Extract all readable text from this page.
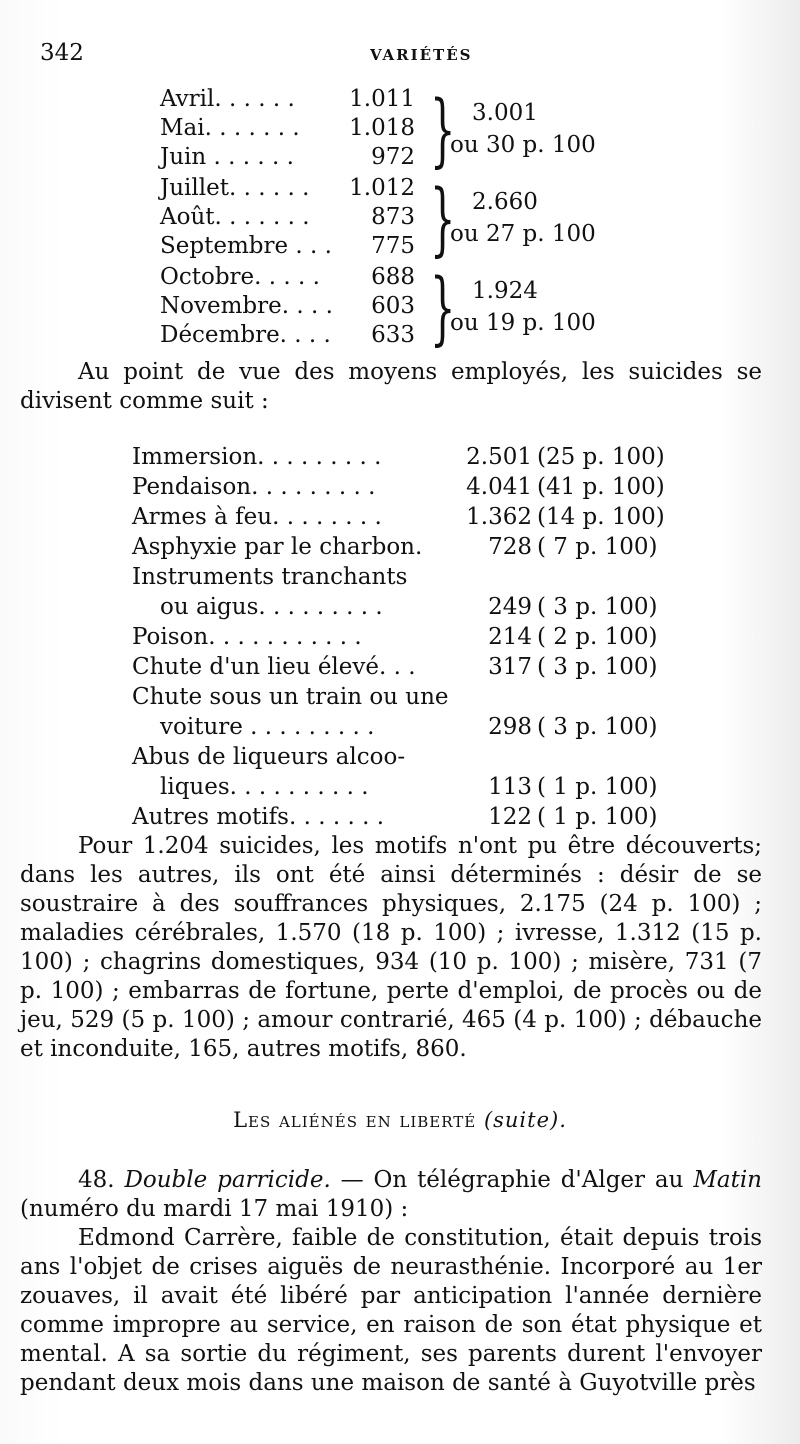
342	VARIÉTÉS
Avril. . . . . . 1.011
Mai. . . . . . . 1.018
Juin . . . . . .	972 } 3.001
ou 30 p. 100
Juillet. . . . . . 1.012
Août. . . . . . .	873
Septembre . . . 775 } 2.660
ou 27 p. 100
Octobre. . . . . 688
Novembre. . . . 603
Décembre. . . . 633 } 1.924
ou 19 p. 100

Au point de vue des moyens employés, les suicides se divisent comme suit :

Immersion. . . . . . . . .	2.501 (25 p. 100)
Pendaison. . . . . . . . .	4.041 (41 p. 100)
Armes à feu. . . . . . . .	1.362 (14 p. 100)
Asphyxie par le charbon.	728 ( 7 p. 100)
Instruments tranchants
ou aigus. . . . . . . . .	249 ( 3 p. 100)
Poison. . . . . . . . . . .	214 ( 2 p. 100)
Chute d'un lieu élevé. . .	317 ( 3 p. 100)
Chute sous un train ou une
voiture . . . . . . . . .	298 ( 3 p. 100)
Abus de liqueurs alcoo-
liques. . . . . . . . . .	113 ( 1 p. 100)
Autres motifs. . . . . . .	122 ( 1 p. 100)

Pour 1.204 suicides, les motifs n'ont pu être découverts; dans les autres, ils ont été ainsi déterminés : désir de se soustraire à des souffrances physiques, 2.175 (24 p. 100) ; maladies cérébrales, 1.570 (18 p. 100) ; ivresse, 1.312 (15 p. 100) ; chagrins domestiques, 934 (10 p. 100) ; misère, 731 (7 p. 100) ; embarras de fortune, perte d'emploi, de procès ou de jeu, 529 (5 p. 100) ; amour contrarié, 465 (4 p. 100) ; débauche et inconduite, 165, autres motifs, 860.

Les aliénés en liberté (suite).

48. Double parricide. — On télégraphie d'Alger au Matin (numéro du mardi 17 mai 1910) :
Edmond Carrère, faible de constitution, était depuis trois ans l'objet de crises aiguës de neurasthénie. Incorporé au 1er zouaves, il avait été libéré par anticipation l'année dernière comme impropre au service, en raison de son état physique et mental. A sa sortie du régiment, ses parents durent l'envoyer pendant deux mois dans une maison de santé à Guyotville près
